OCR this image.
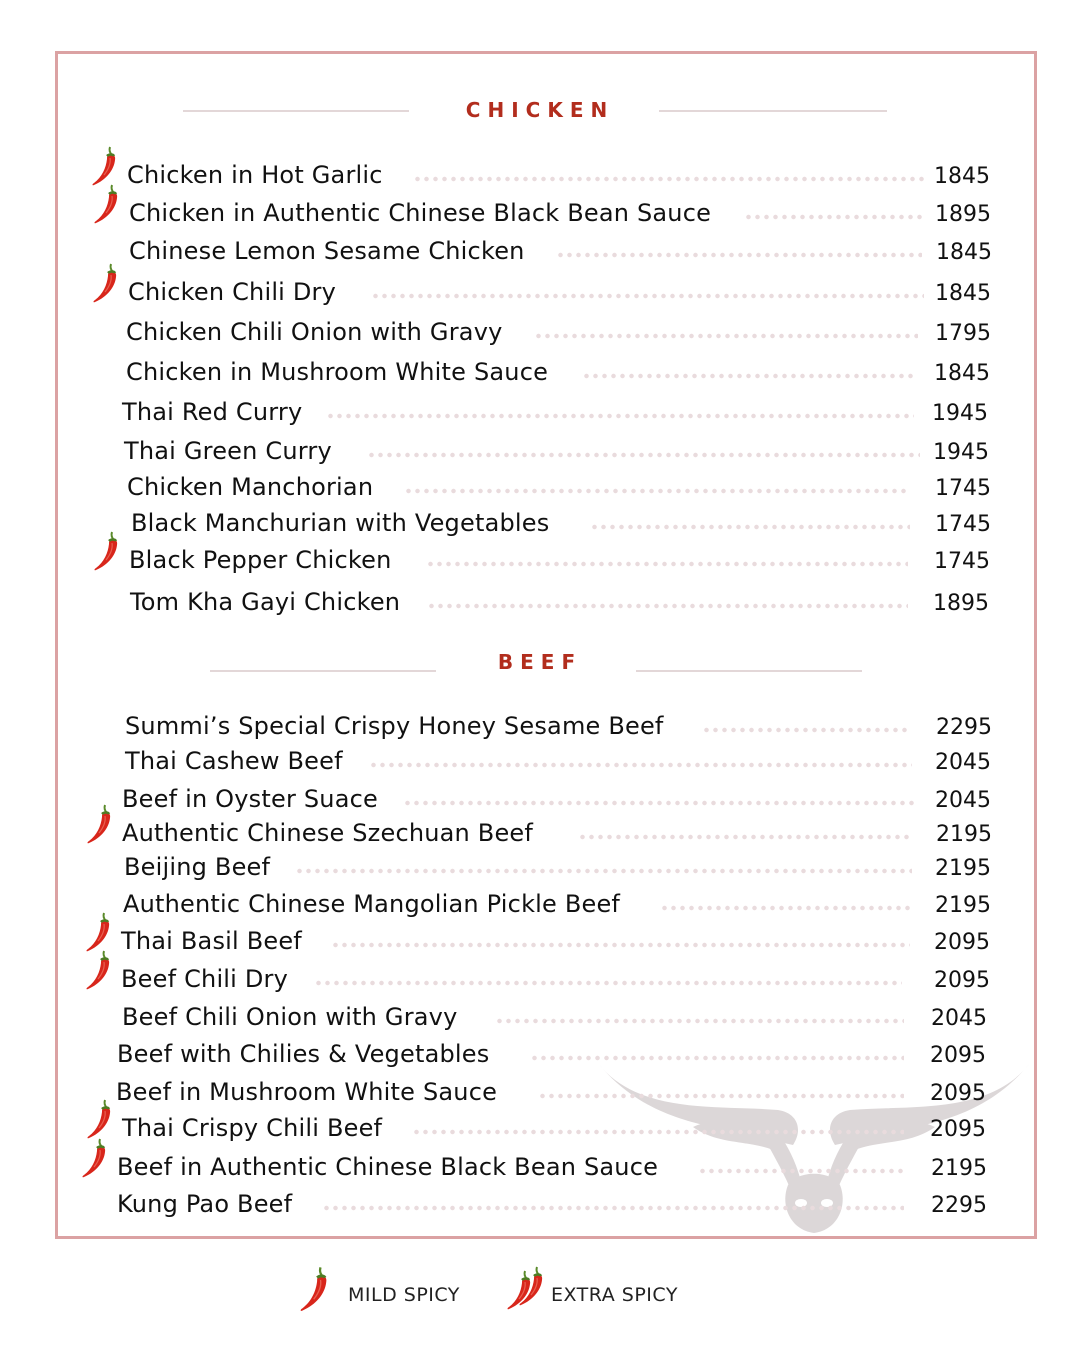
CHICKEN
Chicken in Hot Garlic	1845
Chicken in Authentic Chinese Black Bean Sauce	1895
Chinese Lemon Sesame Chicken	1845
Chicken Chili Dry	1845
Chicken Chili Onion with Gravy	1795
Chicken in Mushroom White Sauce	1845
Thai Red Curry	1945
Thai Green Curry	1945
Chicken Manchorian	1745
Black Manchurian with Vegetables	1745
Black Pepper Chicken	1745
Tom Kha Gayi Chicken	1895
BEEF
Summi’s Special Crispy Honey Sesame Beef	2295
Thai Cashew Beef	2045
Beef in Oyster Suace	2045
Authentic Chinese Szechuan Beef	2195
Beijing Beef	2195
Authentic Chinese Mangolian Pickle Beef	2195
Thai Basil Beef	2095
Beef Chili Dry	2095
Beef Chili Onion with Gravy	2045
Beef with Chilies & Vegetables	2095
Beef in Mushroom White Sauce	2095
Thai Crispy Chili Beef	2095
Beef in Authentic Chinese Black Bean Sauce	2195
Kung Pao Beef	2295
MILD SPICY	EXTRA SPICY
